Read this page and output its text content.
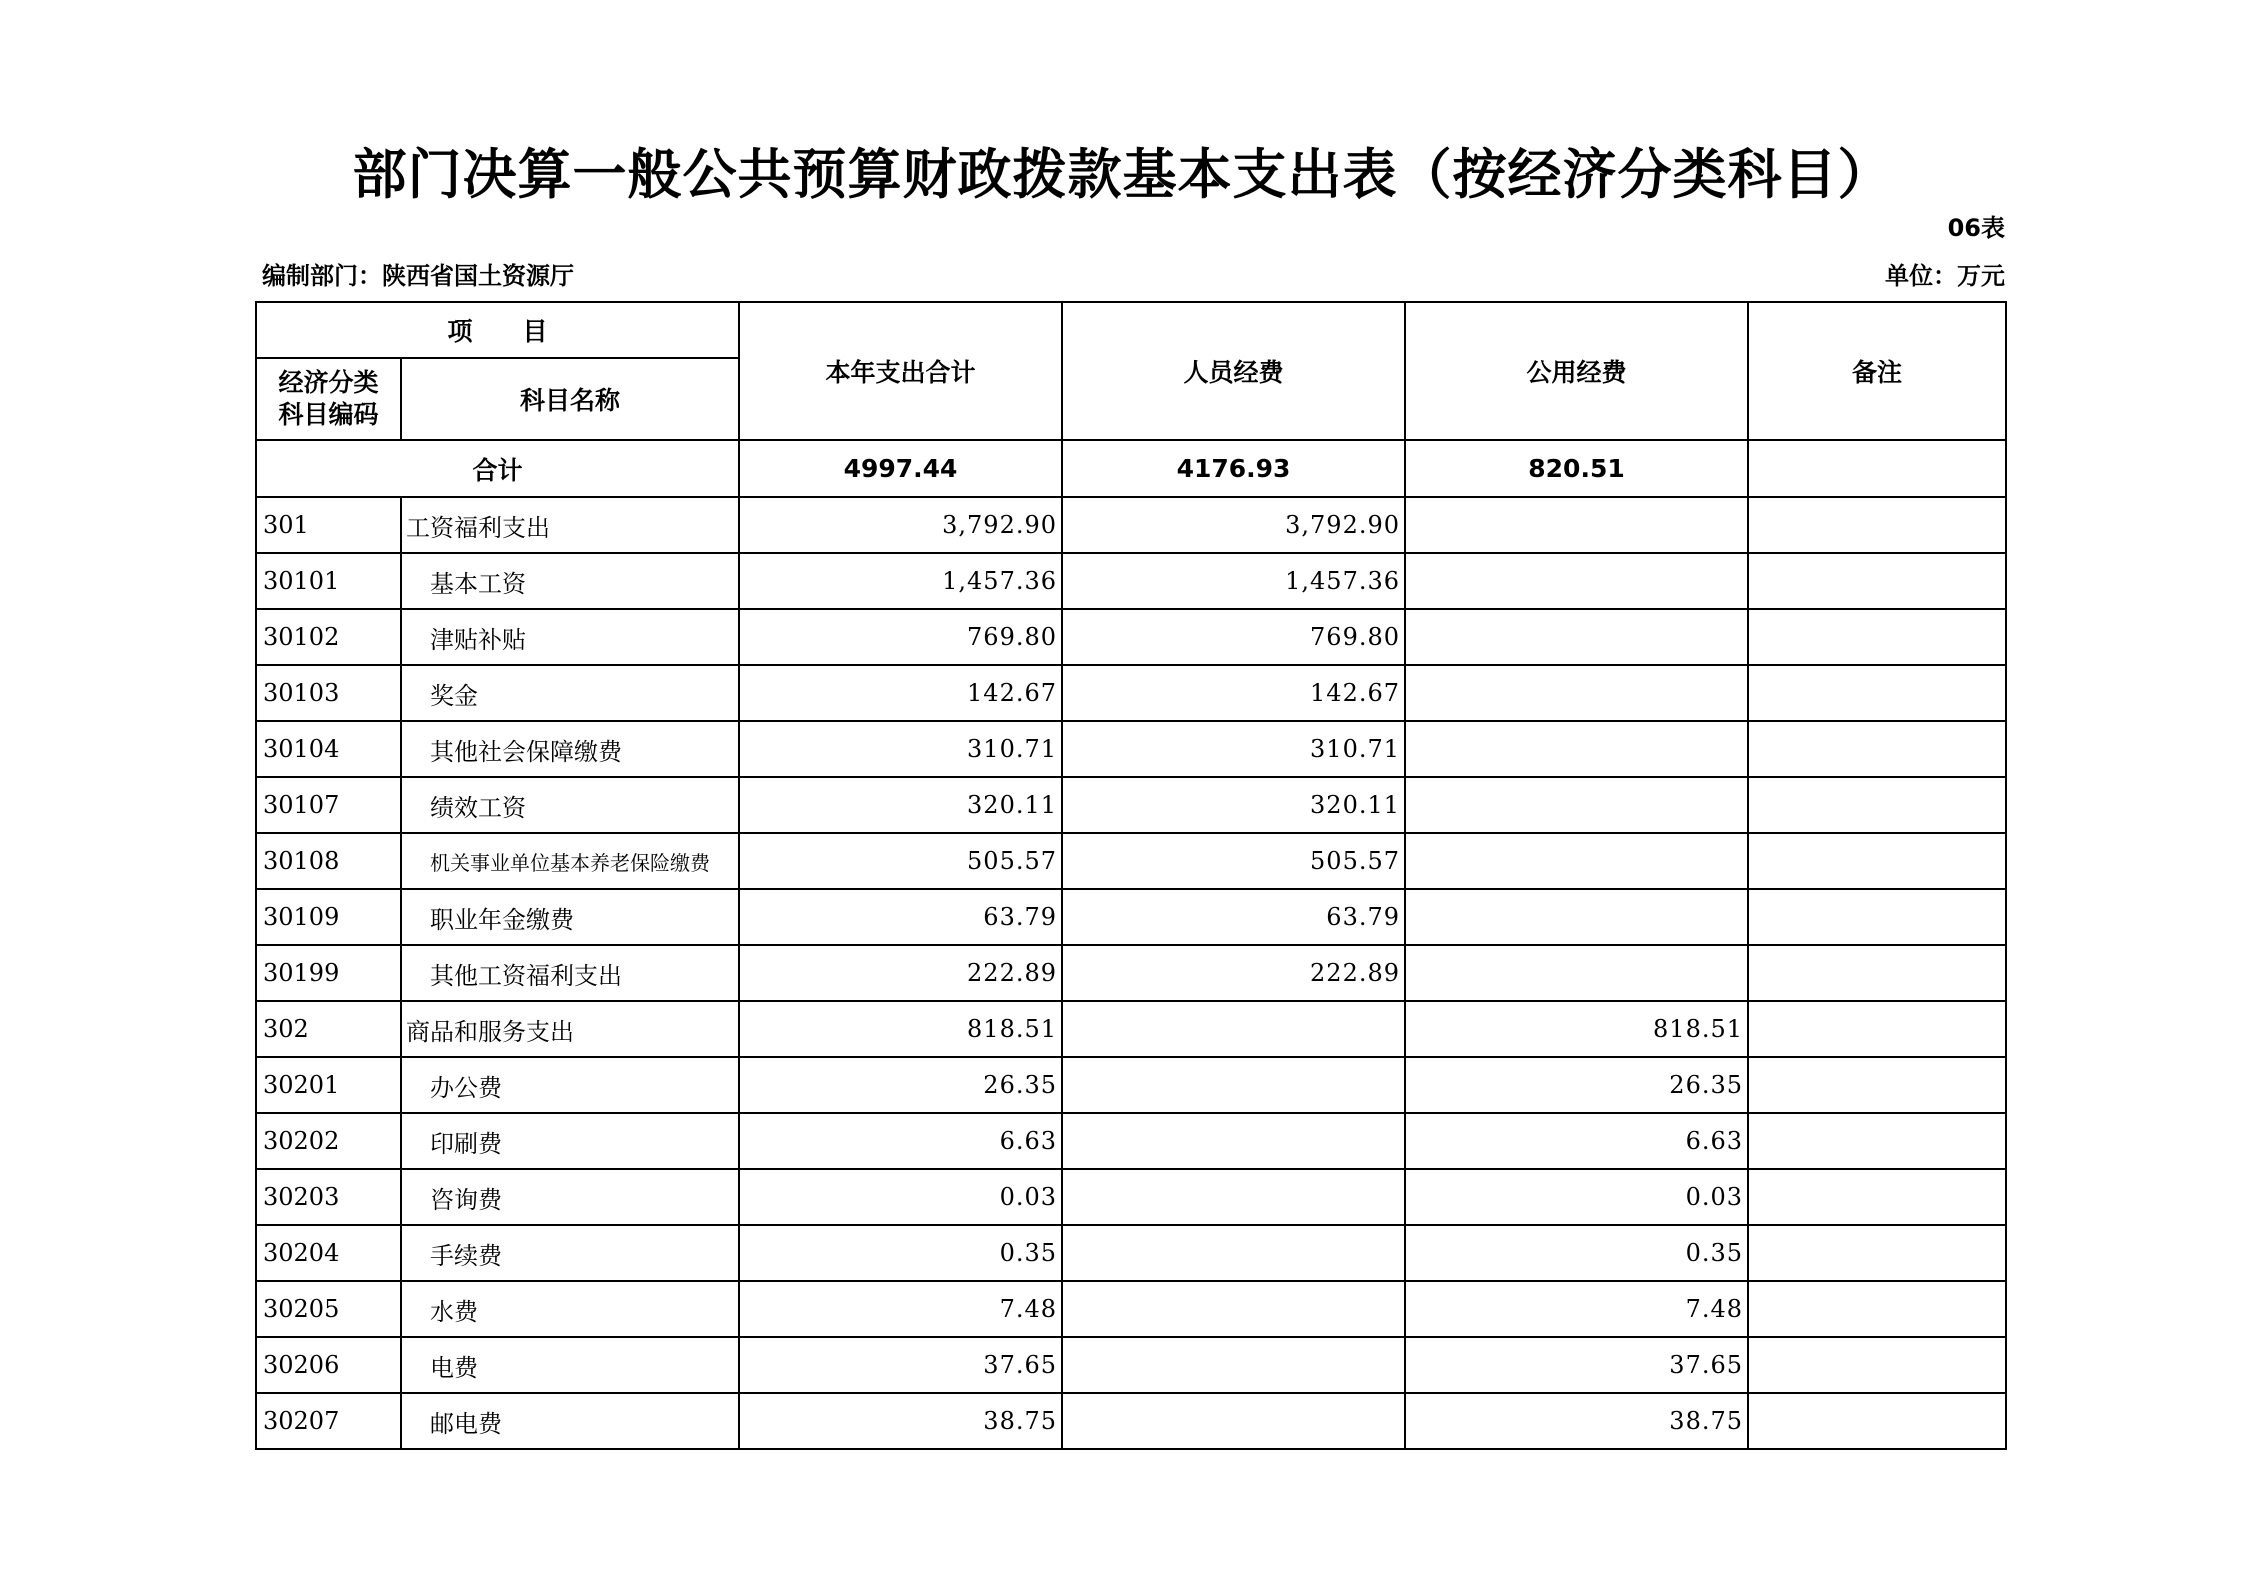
部门决算一般公共预算财政拨款基本支出表（按经济分类科目）
06表
编制部门：陕西省国土资源厅	单位：万元
项　　目		本年支出合计	人员经费	公用经费	备注

经济分类
科目编码	科目名称				
合计		4997.44	4176.93	820.51	
301	工资福利支出	3,792.90	3,792.90		
30101	基本工资	1,457.36	1,457.36		
30102	津贴补贴	769.80	769.80		
30103	奖金	142.67	142.67		
30104	其他社会保障缴费	310.71	310.71		
30107	绩效工资	320.11	320.11		
30108	机关事业单位基本养老保险缴费	505.57	505.57		
30109	职业年金缴费	63.79	63.79		
30199	其他工资福利支出	222.89	222.89		
302	商品和服务支出	818.51		818.51	
30201	办公费	26.35		26.35	
30202	印刷费	6.63		6.63	
30203	咨询费	0.03		0.03	
30204	手续费	0.35		0.35	
30205	水费	7.48		7.48	
30206	电费	37.65		37.65	
30207	邮电费	38.75		38.75	
